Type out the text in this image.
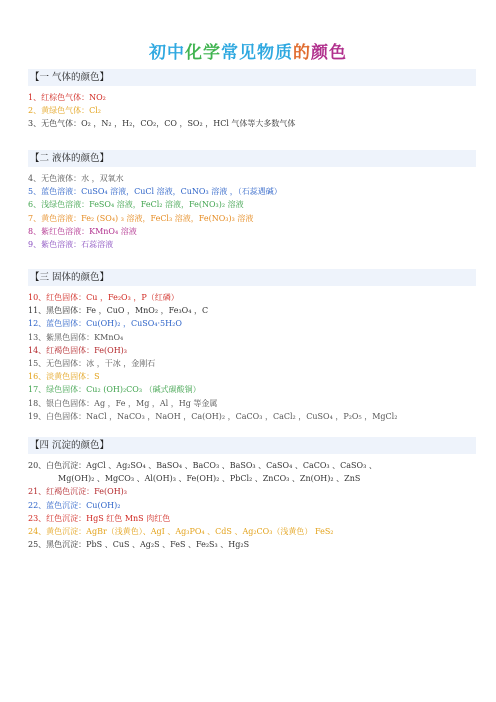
初中化学常见物质的颜色
【一 气体的颜色】
1、红棕色气体：NO₂
2、黄绿色气体：Cl₂
3、无色气体：O₂ ，N₂ ，H₂，CO₂，CO ，SO₂ ，HCl 气体等大多数气体
【二 液体的颜色】
4、无色液体：水 ，双氧水
5、蓝色溶液：CuSO₄ 溶液，CuCl 溶液，CuNO₃ 溶液 ，（石蕊遇碱）
6、浅绿色溶液：FeSO₄ 溶液，FeCl₂ 溶液，Fe(NO₃)₂ 溶液
7、黄色溶液：Fe₂ (SO₄) ₃ 溶液，FeCl₃ 溶液，Fe(NO₃)₃ 溶液
8、紫红色溶液：KMnO₄ 溶液
9、紫色溶液：石蕊溶液
【三 固体的颜色】
10、红色固体：Cu ，Fe₂O₃ ，P（红磷）
11、黑色固体：Fe ，CuO ，MnO₂ ，Fe₃O₄ ，C
12、蓝色固体：Cu(OH)₂ ，CuSO₄·5H₂O
13、紫黑色固体：KMnO₄
14、红褐色固体：Fe(OH)₃
15、无色固体：冰 ，干冰 ，金刚石
16、淡黄色固体：S
17、绿色固体：Cu₂ (OH)₂CO₃ （碱式碳酸铜）
18、银白色固体：Ag ，Fe ，Mg ，Al ，Hg 等金属
19、白色固体：NaCl ，NaCO₃ ，NaOH ，Ca(OH)₂ ，CaCO₃ ，CaCl₂ ，CuSO₄ ，P₂O₅ ，MgCl₂
【四 沉淀的颜色】
20、白色沉淀：AgCl 、Ag₂SO₄ 、BaSO₄ 、BaCO₃ 、BaSO₃ 、CaSO₄ 、CaCO₃ 、CaSO₃ 、
Mg(OH)₂ 、MgCO₃ 、Al(OH)₃ 、Fe(OH)₂ 、PbCl₂ 、ZnCO₃ 、Zn(OH)₂ 、ZnS
21、红褐色沉淀：Fe(OH)₃
22、蓝色沉淀：Cu(OH)₂
23、红色沉淀：HgS 红色 MnS 肉红色
24、黄色沉淀：AgBr（浅黄色）、AgI 、Ag₃PO₄ 、CdS 、Ag₂CO₃（浅黄色） FeS₂
25、黑色沉淀：PbS 、CuS 、Ag₂S 、FeS 、Fe₂S₃ 、Hg₂S
